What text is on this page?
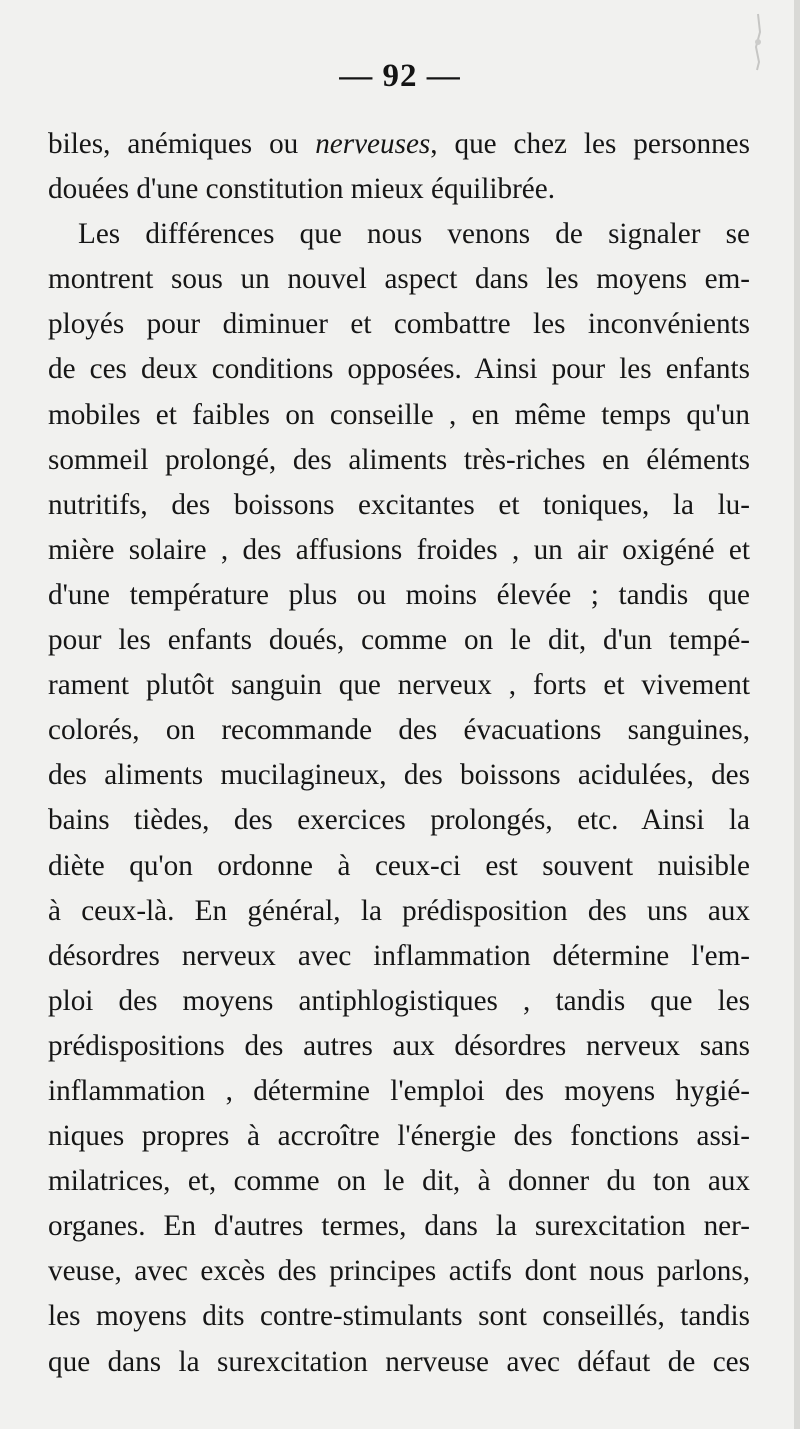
— 92 —
biles, anémiques ou nerveuses, que chez les personnes
douées d'une constitution mieux équilibrée.
Les différences que nous venons de signaler se
montrent sous un nouvel aspect dans les moyens em-
ployés pour diminuer et combattre les inconvénients
de ces deux conditions opposées. Ainsi pour les enfants
mobiles et faibles on conseille , en même temps qu'un
sommeil prolongé, des aliments très-riches en éléments
nutritifs, des boissons excitantes et toniques, la lu-
mière solaire , des affusions froides , un air oxigéné et
d'une température plus ou moins élevée ; tandis que
pour les enfants doués, comme on le dit, d'un tempé-
rament plutôt sanguin que nerveux , forts et vivement
colorés, on recommande des évacuations sanguines,
des aliments mucilagineux, des boissons acidulées, des
bains tièdes, des exercices prolongés, etc. Ainsi la
diète qu'on ordonne à ceux-ci est souvent nuisible
à ceux-là. En général, la prédisposition des uns aux
désordres nerveux avec inflammation détermine l'em-
ploi des moyens antiphlogistiques , tandis que les
prédispositions des autres aux désordres nerveux sans
inflammation , détermine l'emploi des moyens hygié-
niques propres à accroître l'énergie des fonctions assi-
milatrices, et, comme on le dit, à donner du ton aux
organes. En d'autres termes, dans la surexcitation ner-
veuse, avec excès des principes actifs dont nous parlons,
les moyens dits contre-stimulants sont conseillés, tandis
que dans la surexcitation nerveuse avec défaut de ces
